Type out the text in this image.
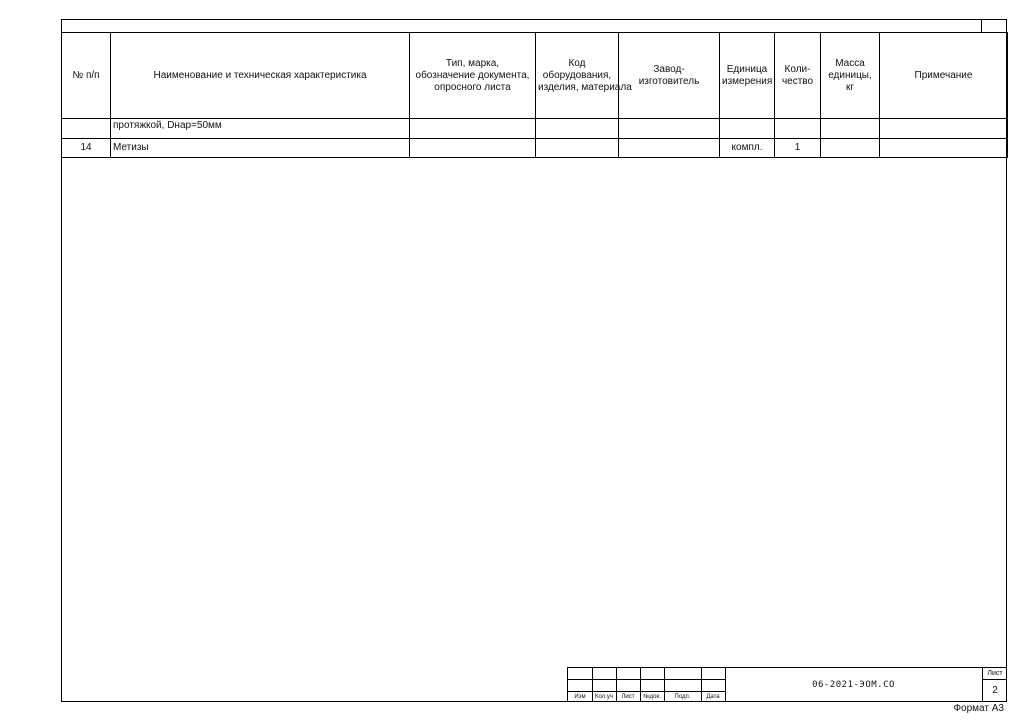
№ п/п	Наименование и техническая характеристика	Тип, марка,
обозначение документа,
опросного листа	Код
оборудования,
изделия, материала	Завод-
изготовитель	Единица
измерения	Коли-
чество	Масса
единицы,
кг	Примечание

	протяжкой, Dнар=50мм							
14	Метизы				компл.	1		
Изм	Кол.уч	Лист	№док.	Подп.	Дата
06-2021-ЭОМ.СО
Лист
2
Формат А3
